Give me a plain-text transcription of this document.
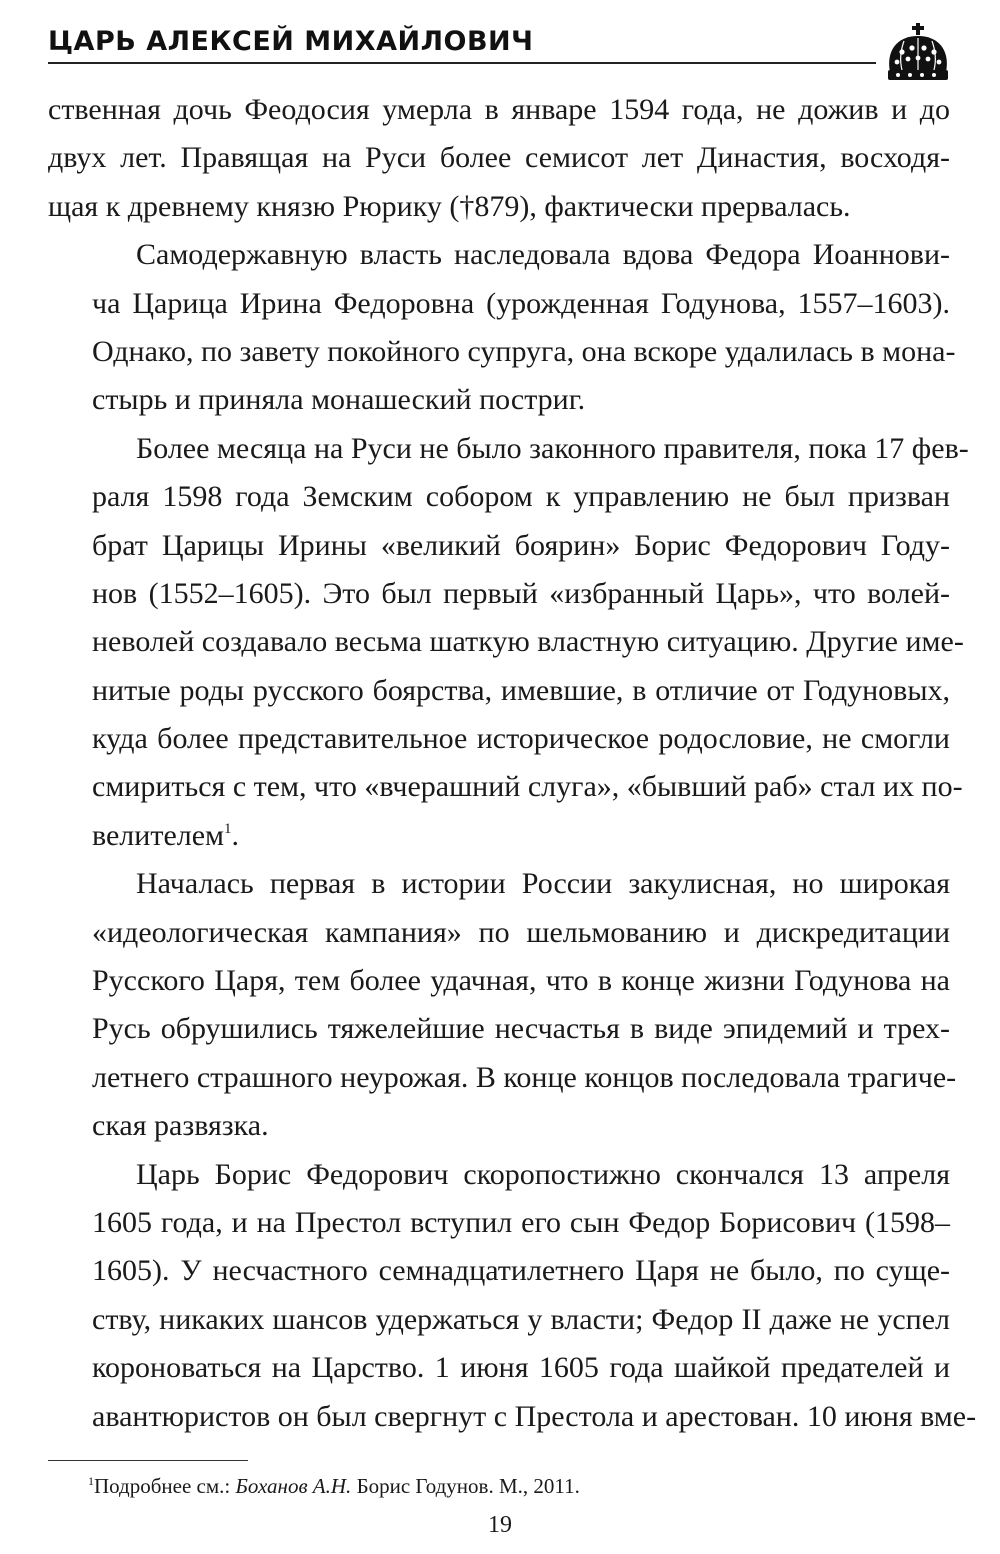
ЦАРЬ АЛЕКСЕЙ МИХАЙЛОВИЧ

ственная дочь Феодосия умерла в январе 1594 года, не дожив и до
двух лет. Правящая на Руси более семисот лет Династия, восходя-
щая к древнему князю Рюрику (†879), фактически прервалась.

Самодержавную власть наследовала вдова Федора Иоаннови-
ча Царица Ирина Федоровна (урожденная Годунова, 1557–1603).
Однако, по завету покойного супруга, она вскоре удалилась в мона-
стырь и приняла монашеский постриг.

Более месяца на Руси не было законного правителя, пока 17 фев-
раля 1598 года Земским собором к управлению не был призван
брат Царицы Ирины «великий боярин» Борис Федорович Году-
нов (1552–1605). Это был первый «избранный Царь», что волей-
неволей создавало весьма шаткую властную ситуацию. Другие име-
нитые роды русского боярства, имевшие, в отличие от Годуновых,
куда более представительное историческое родословие, не смогли
смириться с тем, что «вчерашний слуга», «бывший раб» стал их по-
велителем$^1$.

Началась первая в истории России закулисная, но широкая
«идеологическая кампания» по шельмованию и дискредитации
Русского Царя, тем более удачная, что в конце жизни Годунова на
Русь обрушились тяжелейшие несчастья в виде эпидемий и трех-
летнего страшного неурожая. В конце концов последовала трагиче-
ская развязка.

Царь Борис Федорович скоропостижно скончался 13 апреля
1605 года, и на Престол вступил его сын Федор Борисович (1598–
1605). У несчастного семнадцатилетнего Царя не было, по суще-
ству, никаких шансов удержаться у власти; Федор II даже не успел
короноваться на Царство. 1 июня 1605 года шайкой предателей и
авантюристов он был свергнут с Престола и арестован. 10 июня вме-

$^1$Подробнее см.: Боханов А.Н. Борис Годунов. М., 2011.
19
